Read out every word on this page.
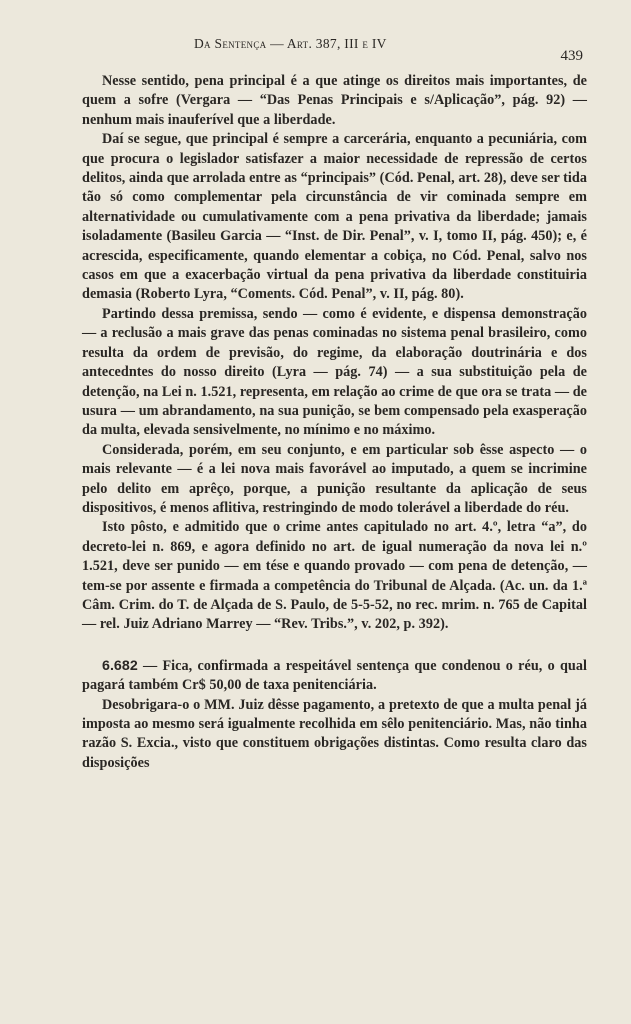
Da Sentença — Art. 387, III e IV
439

Nesse sentido, pena principal é a que atinge os direitos mais importantes, de quem a sofre (Vergara — “Das Penas Principais e s/Aplicação”, pág. 92) — nenhum mais inauferível que a liberdade.

Daí se segue, que principal é sempre a carcerária, enquanto a pecuniária, com que procura o legislador satisfazer a maior necessidade de repressão de certos delitos, ainda que arrolada entre as “principais” (Cód. Penal, art. 28), deve ser tida tão só como complementar pela circunstância de vir cominada sempre em alternatividade ou cumulativamente com a pena privativa da liberdade; jamais isoladamente (Basileu Garcia — “Inst. de Dir. Penal”, v. I, tomo II, pág. 450); e, é acrescida, especificamente, quando elementar a cobiça, no Cód. Penal, salvo nos casos em que a exacerbação virtual da pena privativa da liberdade constituiria demasia (Roberto Lyra, “Coments. Cód. Penal”, v. II, pág. 80).

Partindo dessa premissa, sendo — como é evidente, e dispensa demonstração — a reclusão a mais grave das penas cominadas no sistema penal brasileiro, como resulta da ordem de previsão, do regime, da elaboração doutrinária e dos antecedntes do nosso direito (Lyra — pág. 74) — a sua substituição pela de detenção, na Lei n. 1.521, representa, em relação ao crime de que ora se trata — de usura — um abrandamento, na sua punição, se bem compensado pela exasperação da multa, elevada sensivelmente, no mínimo e no máximo.

Considerada, porém, em seu conjunto, e em particular sob êsse aspecto — o mais relevante — é a lei nova mais favorável ao imputado, a quem se incrimine pelo delito em aprêço, porque, a punição resultante da aplicação de seus dispositivos, é menos aflitiva, restringindo de modo tolerável a liberdade do réu.

Isto pôsto, e admitido que o crime antes capitulado no art. 4.º, letra “a”, do decreto-lei n. 869, e agora definido no art. de igual numeração da nova lei n.º 1.521, deve ser punido — em tése e quando provado — com pena de detenção, — tem-se por assente e firmada a competência do Tribunal de Alçada. (Ac. un. da 1.ª Câm. Crim. do T. de Alçada de S. Paulo, de 5-5-52, no rec. mrim. n. 765 de Capital — rel. Juiz Adriano Marrey — “Rev. Tribs.”, v. 202, p. 392).

6.682 — Fica, confirmada a respeitável sentença que condenou o réu, o qual pagará também Cr$ 50,00 de taxa penitenciária.

Desobrigara-o o MM. Juiz dêsse pagamento, a pretexto de que a multa penal já imposta ao mesmo será igualmente recolhida em sêlo penitenciário. Mas, não tinha razão S. Excia., visto que constituem obrigações distintas. Como resulta claro das disposições
